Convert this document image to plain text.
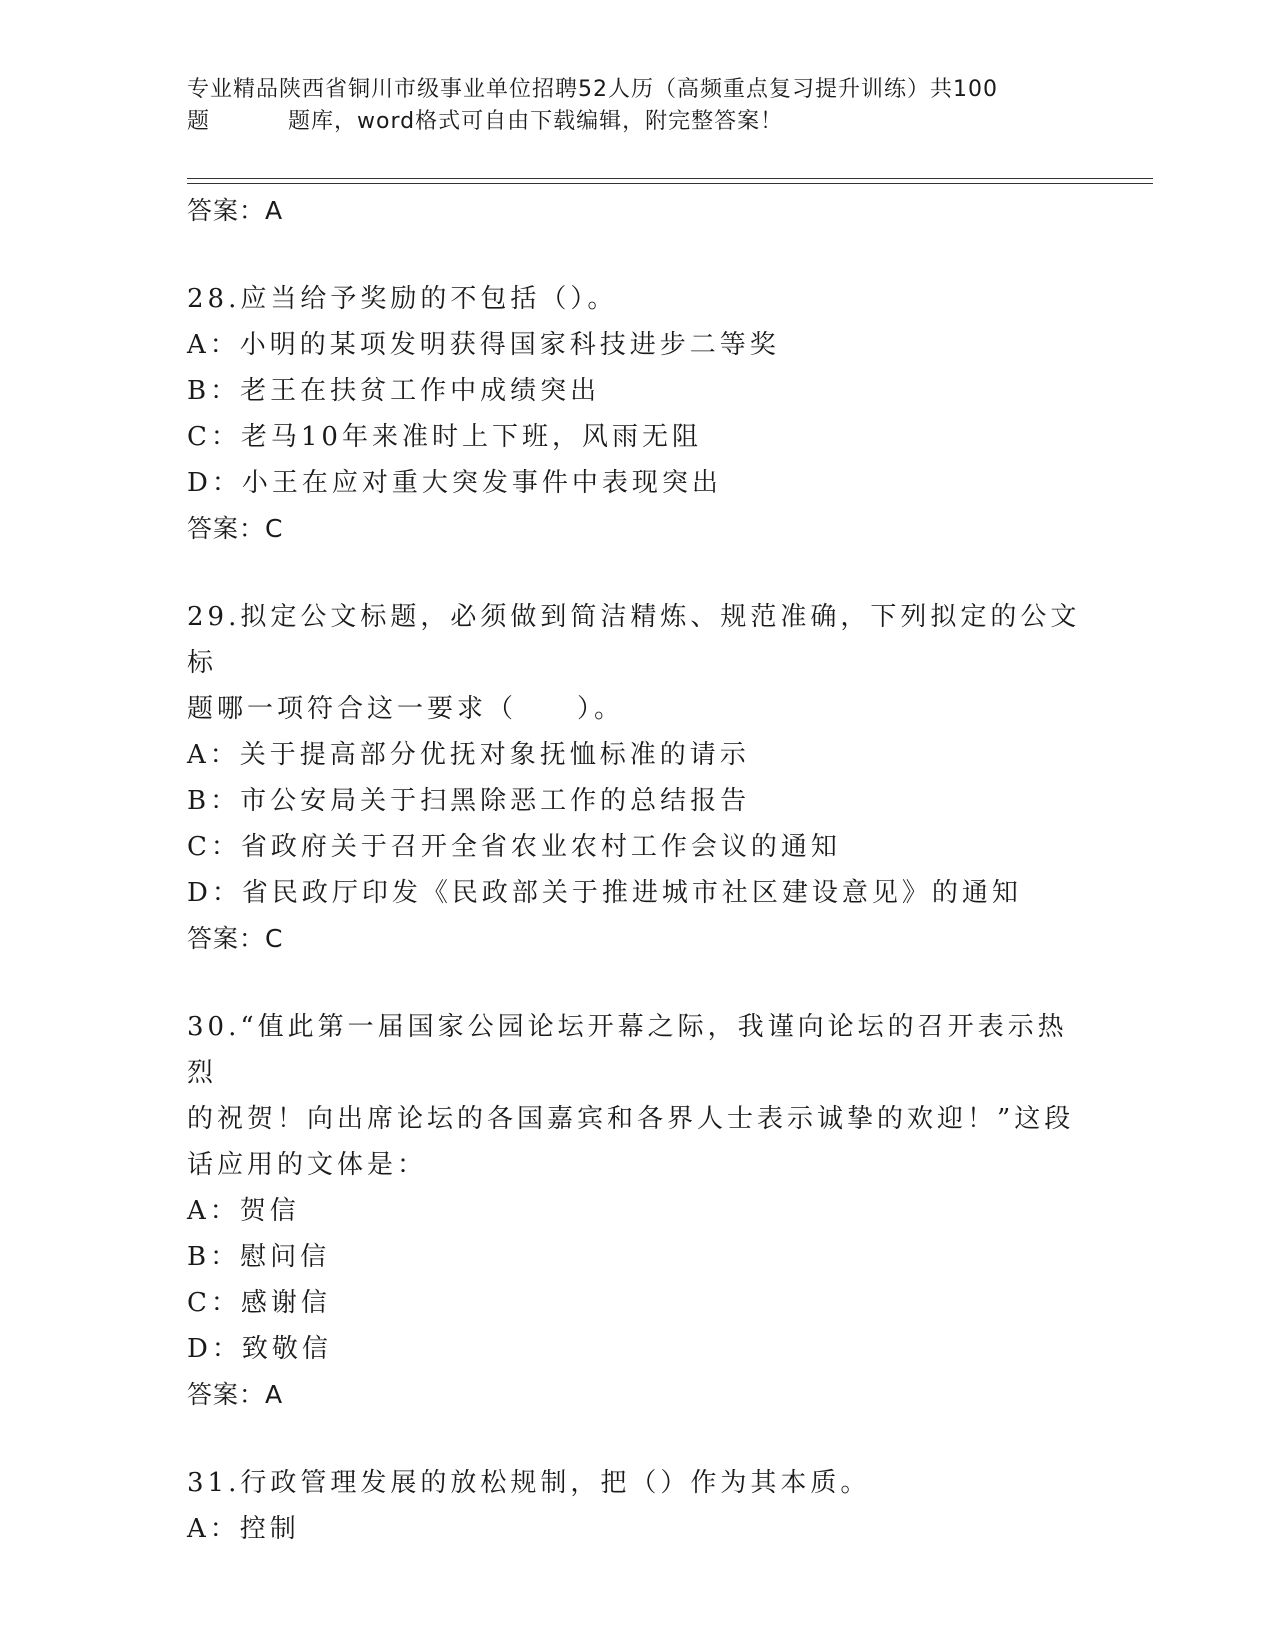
专业精品陕西省铜川市级事业单位招聘52人历（高频重点复习提升训练）共100
题	题库，word格式可自由下载编辑，附完整答案！
答案：A
28.应当给予奖励的不包括（）。
A：小明的某项发明获得国家科技进步二等奖
B：老王在扶贫工作中成绩突出
C：老马10年来准时上下班，风雨无阻
D：小王在应对重大突发事件中表现突出
答案：C
29.拟定公文标题，必须做到简洁精炼、规范准确，下列拟定的公文标
题哪一项符合这一要求（　　）。
A：关于提高部分优抚对象抚恤标准的请示
B：市公安局关于扫黑除恶工作的总结报告
C：省政府关于召开全省农业农村工作会议的通知
D：省民政厅印发《民政部关于推进城市社区建设意见》的通知
答案：C
30.“值此第一届国家公园论坛开幕之际，我谨向论坛的召开表示热烈
的祝贺！向出席论坛的各国嘉宾和各界人士表示诚挚的欢迎！”这段
话应用的文体是：
A：贺信
B：慰问信
C：感谢信
D：致敬信
答案：A
31.行政管理发展的放松规制，把（）作为其本质。
A：控制
